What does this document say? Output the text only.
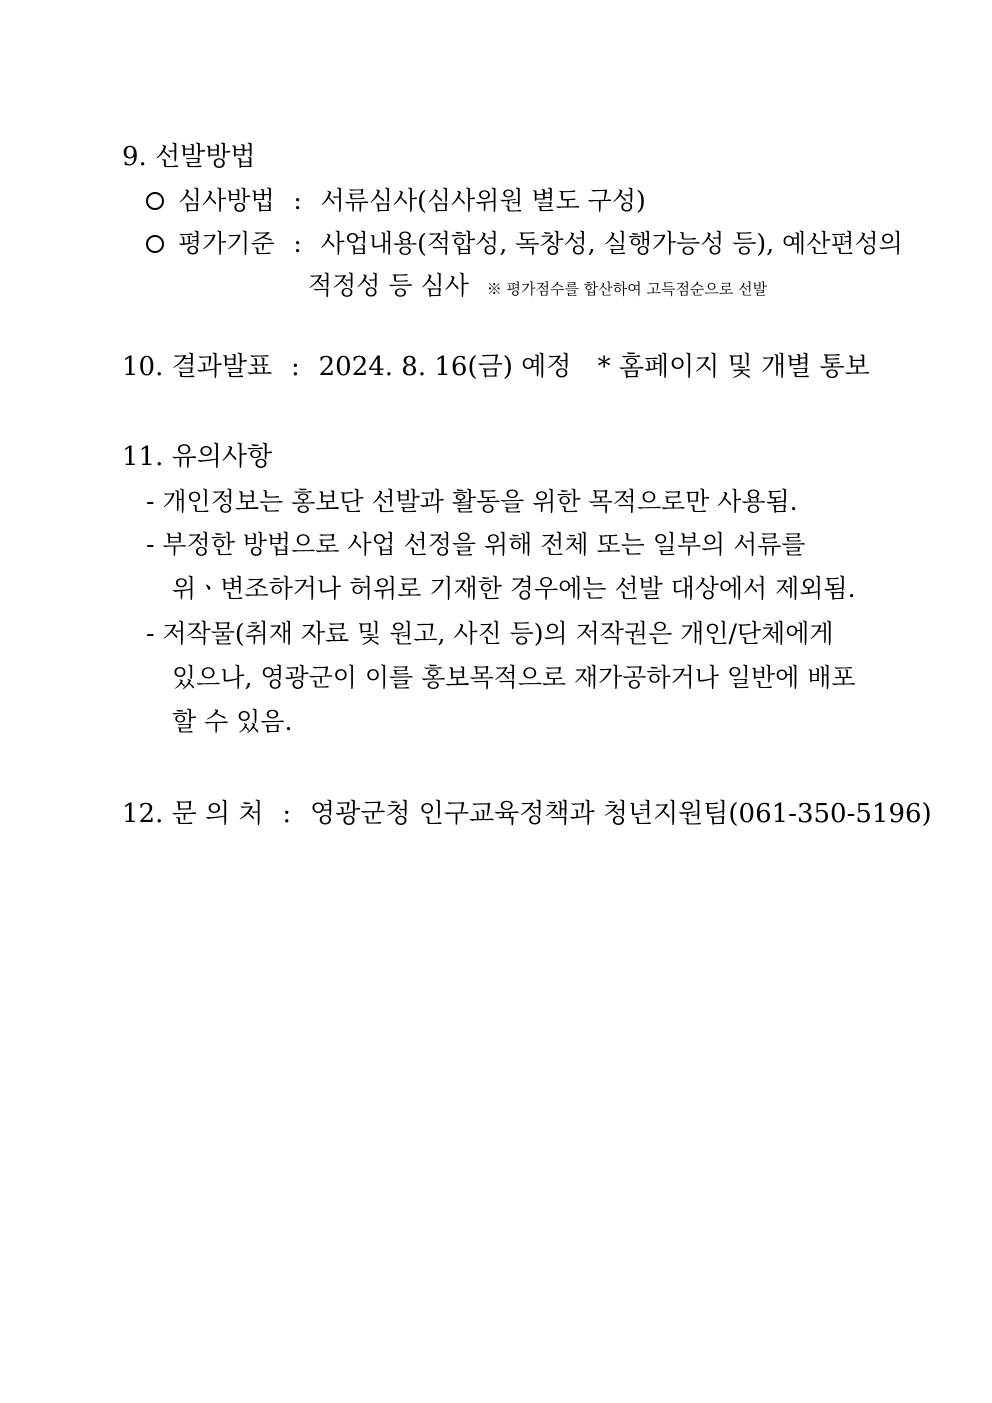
9. 선발방법
심사방법 : 서류심사(심사위원 별도 구성)
평가기준 : 사업내용(적합성, 독창성, 실행가능성 등), 예산편성의
적정성 등 심사 ※ 평가점수를 합산하여 고득점순으로 선발
10. 결과발표 : 2024. 8. 16(금) 예정 * 홈페이지 및 개별 통보
11. 유의사항
- 개인정보는 홍보단 선발과 활동을 위한 목적으로만 사용됨.
- 부정한 방법으로 사업 선정을 위해 전체 또는 일부의 서류를
위ㆍ변조하거나 허위로 기재한 경우에는 선발 대상에서 제외됨.
- 저작물(취재 자료 및 원고, 사진 등)의 저작권은 개인/단체에게
있으나, 영광군이 이를 홍보목적으로 재가공하거나 일반에 배포
할 수 있음.
12. 문 의 처 : 영광군청 인구교육정책과 청년지원팀(061-350-5196)
